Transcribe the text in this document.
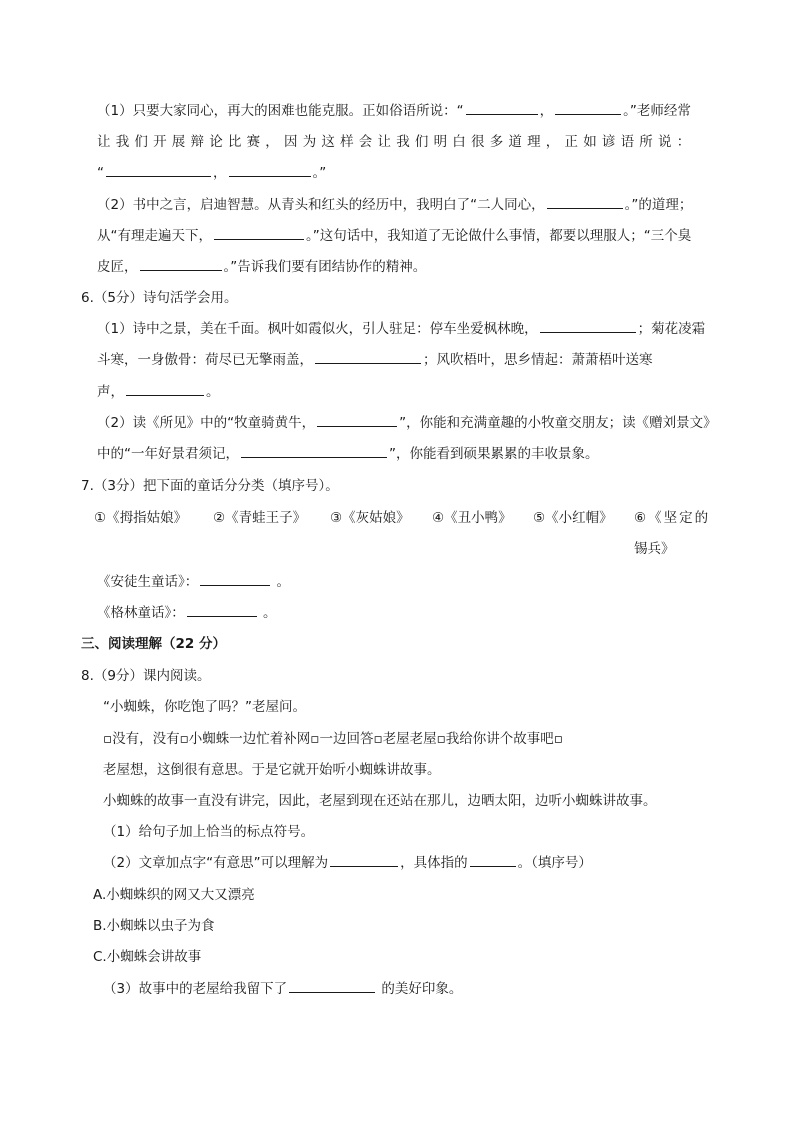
（1）只要大家同心，再大的困难也能克服。正如俗语所说：“	，	。”老师经常
让我们开展辩论比赛，因为这样会让我们明白很多道理，正如谚语所说：
“	，	。”
（2）书中之言，启迪智慧。从青头和红头的经历中，我明白了“二人同心，	。”的道理；
从“有理走遍天下，	。”这句话中，我知道了无论做什么事情，都要以理服人；“三个臭
皮匠，	。”告诉我们要有团结协作的精神。
6.（5分）诗句活学会用。
（1）诗中之景，美在千面。枫叶如霞似火，引人驻足：停车坐爱枫林晚，	；菊花凌霜
斗寒，一身傲骨：荷尽已无擎雨盖，	；风吹梧叶，思乡情起：萧萧梧叶送寒
声，	。
（2）读《所见》中的“牧童骑黄牛，	”，你能和充满童趣的小牧童交朋友；读《赠刘景文》
中的“一年好景君须记，	”，你能看到硕果累累的丰收景象。
7.（3分）把下面的童话分分类（填序号）。
①《拇指姑娘》 ②《青蛙王子》 ③《灰姑娘》 ④《丑小鸭》 ⑤《小红帽》 ⑥《坚定的
锡兵》
《安徒生童话》：	。
《格林童话》：	。
三、阅读理解（22 分）
8.（9分）课内阅读。
“小蜘蛛，你吃饱了吗？”老屋问。
▫没有，没有▫小蜘蛛一边忙着补网▫一边回答▫老屋老屋▫我给你讲个故事吧▫
老屋想，这倒很有意思。于是它就开始听小蜘蛛讲故事。
小蜘蛛的故事一直没有讲完，因此，老屋到现在还站在那儿，边晒太阳，边听小蜘蛛讲故事。
（1）给句子加上恰当的标点符号。
（2）文章加点字“有意思”可以理解为	，具体指的	。（填序号）
A.小蜘蛛织的网又大又漂亮
B.小蜘蛛以虫子为食
C.小蜘蛛会讲故事
（3）故事中的老屋给我留下了	的美好印象。
